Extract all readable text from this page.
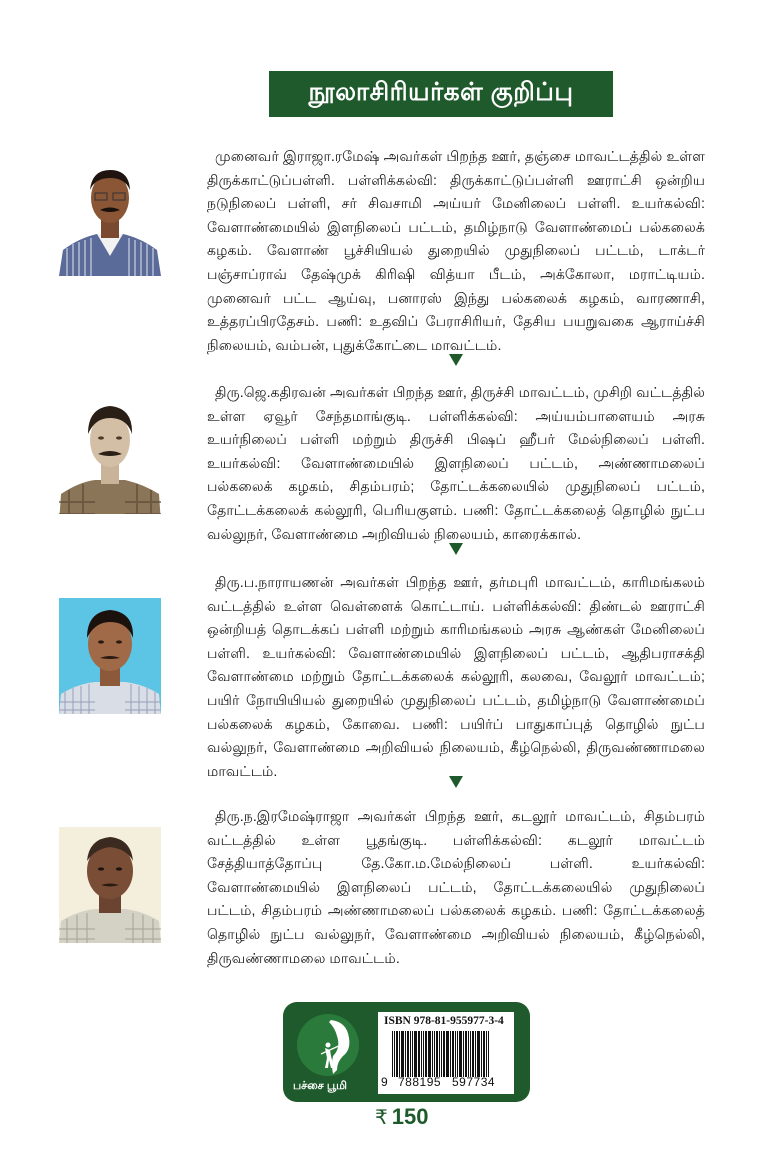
நூலாசிரியர்கள் குறிப்பு

முனைவர் இராஜா.ரமேஷ் அவர்கள் பிறந்த ஊர், தஞ்சை மாவட்டத்தில் உள்ள திருக்காட்டுப்பள்ளி. பள்ளிக்கல்வி: திருக்காட்டுப்பள்ளி ஊராட்சி ஒன்றிய நடுநிலைப் பள்ளி, சர் சிவசாமி அய்யர் மேனிலைப் பள்ளி. உயர்கல்வி: வேளாண்மையில் இளநிலைப் பட்டம், தமிழ்நாடு வேளாண்மைப் பல்கலைக் கழகம். வேளாண் பூச்சியியல் துறையில் முதுநிலைப் பட்டம், டாக்டர் பஞ்சாப்ராவ் தேஷ்முக் கிரிஷி வித்யா பீடம், அக்கோலா, மராட்டியம். முனைவர் பட்ட ஆய்வு, பனாரஸ் இந்து பல்கலைக் கழகம், வாரணாசி, உத்தரப்பிரதேசம். பணி: உதவிப் பேராசிரியர், தேசிய பயறுவகை ஆராய்ச்சி நிலையம், வம்பன், புதுக்கோட்டை மாவட்டம்.

திரு.ஜெ.கதிரவன் அவர்கள் பிறந்த ஊர், திருச்சி மாவட்டம், முசிறி வட்டத்தில் உள்ள ஏவூர் சேந்தமாங்குடி. பள்ளிக்கல்வி: அய்யம்பாளையம் அரசு உயர்நிலைப் பள்ளி மற்றும் திருச்சி பிஷப் ஹீபர் மேல்நிலைப் பள்ளி. உயர்கல்வி: வேளாண்மையில் இளநிலைப் பட்டம், அண்ணாமலைப் பல்கலைக் கழகம், சிதம்பரம்; தோட்டக்கலையில் முதுநிலைப் பட்டம், தோட்டக்கலைக் கல்லூரி, பெரியகுளம். பணி: தோட்டக்கலைத் தொழில் நுட்ப வல்லுநர், வேளாண்மை அறிவியல் நிலையம், காரைக்கால்.

திரு.ப.நாராயணன் அவர்கள் பிறந்த ஊர், தர்மபுரி மாவட்டம், காரிமங்கலம் வட்டத்தில் உள்ள வெள்ளைக் கொட்டாய். பள்ளிக்கல்வி: திண்டல் ஊராட்சி ஒன்றியத் தொடக்கப் பள்ளி மற்றும் காரிமங்கலம் அரசு ஆண்கள் மேனிலைப் பள்ளி. உயர்கல்வி: வேளாண்மையில் இளநிலைப் பட்டம், ஆதிபராசக்தி வேளாண்மை மற்றும் தோட்டக்கலைக் கல்லூரி, கலவை, வேலூர் மாவட்டம்; பயிர் நோயியியல் துறையில் முதுநிலைப் பட்டம், தமிழ்நாடு வேளாண்மைப் பல்கலைக் கழகம், கோவை. பணி: பயிர்ப் பாதுகாப்புத் தொழில் நுட்ப வல்லுநர், வேளாண்மை அறிவியல் நிலையம், கீழ்நெல்லி, திருவண்ணாமலை மாவட்டம்.

திரு.ந.இரமேஷ்ராஜா அவர்கள் பிறந்த ஊர், கடலூர் மாவட்டம், சிதம்பரம் வட்டத்தில் உள்ள பூதங்குடி. பள்ளிக்கல்வி: கடலூர் மாவட்டம் சேத்தியாத்தோப்பு தே.கோ.ம.மேல்நிலைப் பள்ளி. உயர்கல்வி: வேளாண்மையில் இளநிலைப் பட்டம், தோட்டக்கலையில் முதுநிலைப் பட்டம், சிதம்பரம் அண்ணாமலைப் பல்கலைக் கழகம். பணி: தோட்டக்கலைத் தொழில் நுட்ப வல்லுநர், வேளாண்மை அறிவியல் நிலையம், கீழ்நெல்லி, திருவண்ணாமலை மாவட்டம்.

பச்சை பூமி
ISBN 978-81-955977-3-4
9 788195 597734
₹ 150
